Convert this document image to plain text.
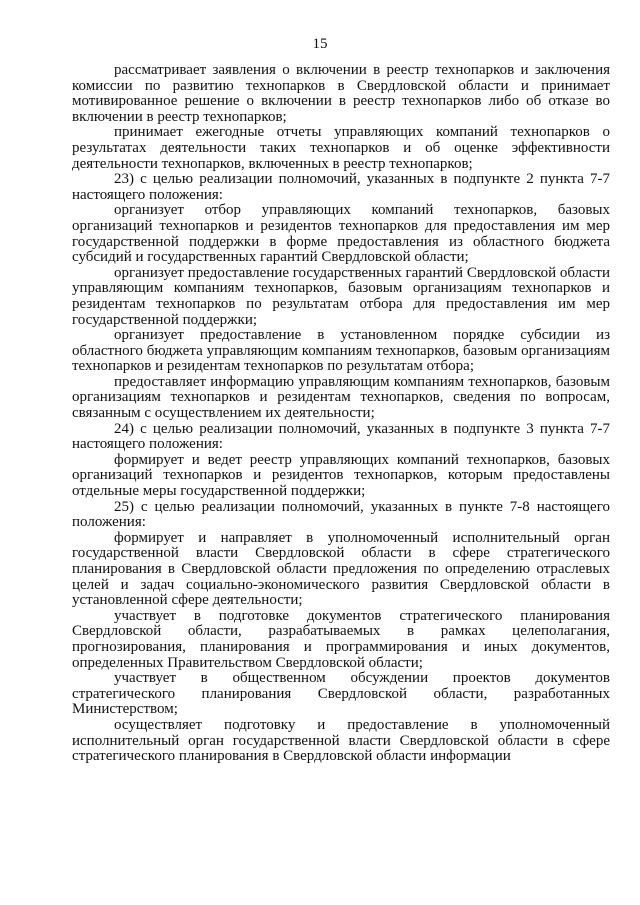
15

рассматривает заявления о включении в реестр технопарков и заключения комиссии по развитию технопарков в Свердловской области и принимает мотивированное решение о включении в реестр технопарков либо об отказе во включении в реестр технопарков;

принимает ежегодные отчеты управляющих компаний технопарков о результатах деятельности таких технопарков и об оценке эффективности деятельности технопарков, включенных в реестр технопарков;

23) с целью реализации полномочий, указанных в подпункте 2 пункта 7-7 настоящего положения:

организует отбор управляющих компаний технопарков, базовых организаций технопарков и резидентов технопарков для предоставления им мер государственной поддержки в форме предоставления из областного бюджета субсидий и государственных гарантий Свердловской области;

организует предоставление государственных гарантий Свердловской области управляющим компаниям технопарков, базовым организациям технопарков и резидентам технопарков по результатам отбора для предоставления им мер государственной поддержки;

организует предоставление в установленном порядке субсидии из областного бюджета управляющим компаниям технопарков, базовым организациям технопарков и резидентам технопарков по результатам отбора;

предоставляет информацию управляющим компаниям технопарков, базовым организациям технопарков и резидентам технопарков, сведения по вопросам, связанным с осуществлением их деятельности;

24) с целью реализации полномочий, указанных в подпункте 3 пункта 7-7 настоящего положения:

формирует и ведет реестр управляющих компаний технопарков, базовых организаций технопарков и резидентов технопарков, которым предоставлены отдельные меры государственной поддержки;

25) с целью реализации полномочий, указанных в пункте 7-8 настоящего положения:

формирует и направляет в уполномоченный исполнительный орган государственной власти Свердловской области в сфере стратегического планирования в Свердловской области предложения по определению отраслевых целей и задач социально-экономического развития Свердловской области в установленной сфере деятельности;

участвует в подготовке документов стратегического планирования Свердловской области, разрабатываемых в рамках целеполагания, прогнозирования, планирования и программирования и иных документов, определенных Правительством Свердловской области;

участвует в общественном обсуждении проектов документов стратегического планирования Свердловской области, разработанных Министерством;

осуществляет подготовку и предоставление в уполномоченный исполнительный орган государственной власти Свердловской области в сфере стратегического планирования в Свердловской области информации
